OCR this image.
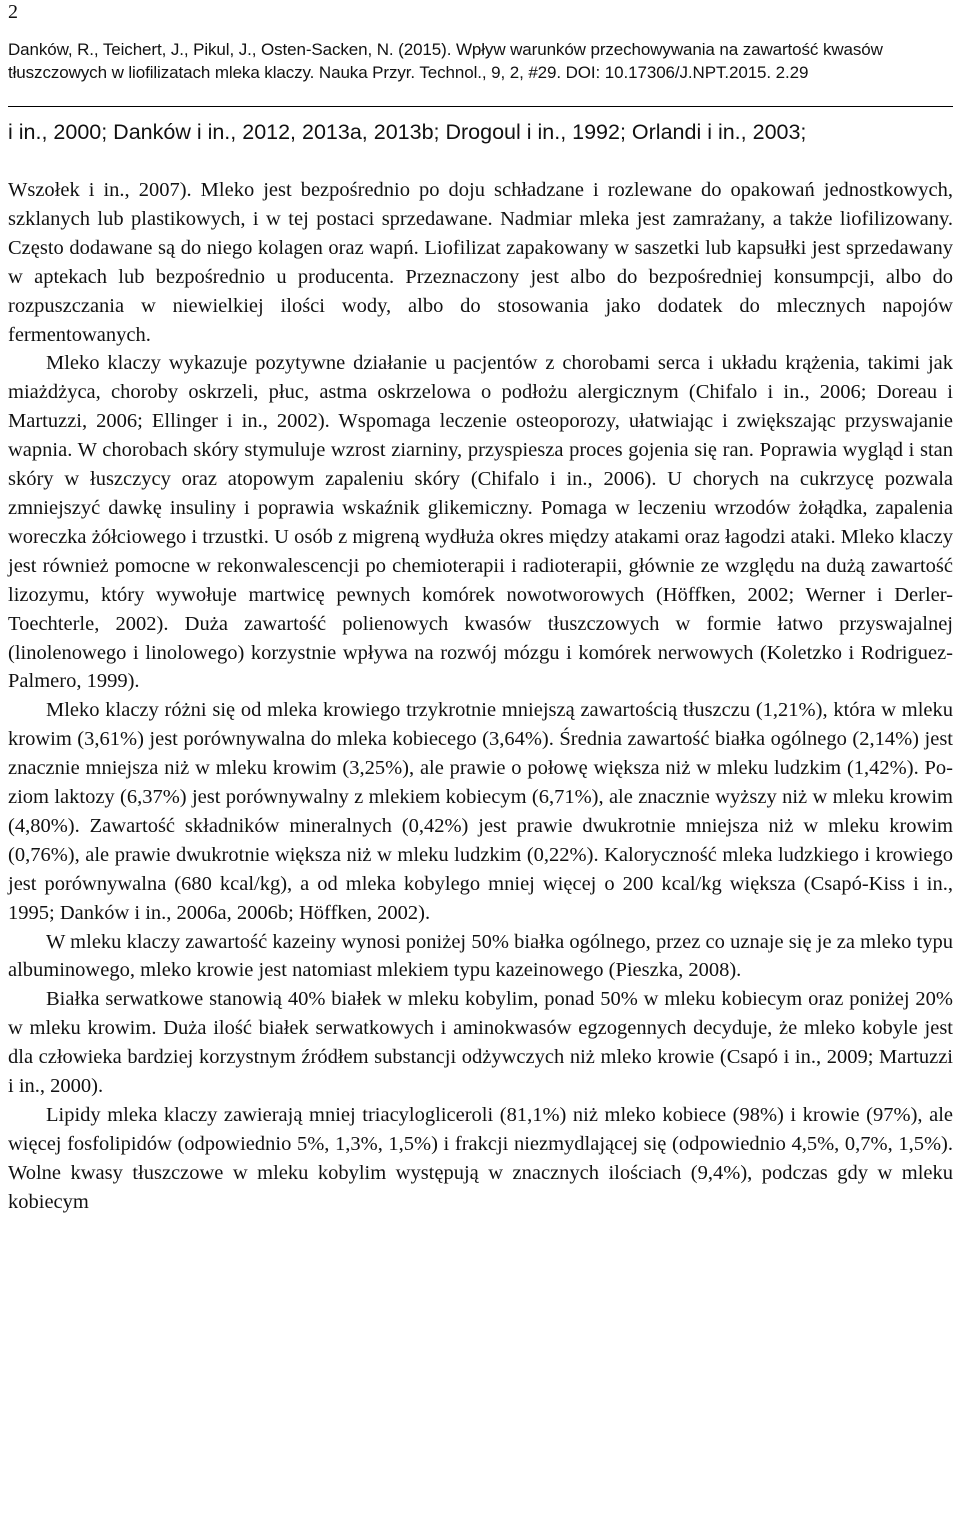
2
Danków, R., Teichert, J., Pikul, J., Osten-Sacken, N. (2015). Wpływ warunków przechowywania na zawartość kwasów tłuszczowych w liofilizatach mleka klaczy. Nauka Przyr. Technol., 9, 2, #29. DOI: 10.17306/J.NPT.2015. 2.29
i in., 2000; Danków i in., 2012, 2013a, 2013b; Drogoul i in., 1992; Orlandi i in., 2003;

Wszołek i in., 2007). Mleko jest bezpośrednio po doju schładzane i rozlewane do opakowań jednostkowych, szklanych lub plastikowych, i w tej postaci sprzedawane. Nadmiar mleka jest zamrażany, a także liofilizowany. Często dodawane są do niego kolagen oraz wapń. Liofilizat zapakowany w saszetki lub kapsułki jest sprzedawany w aptekach lub bezpośrednio u producenta. Przeznaczony jest albo do bezpośredniej konsumpcji, albo do rozpuszczania w niewielkiej ilości wody, albo do stosowania jako dodatek do mlecznych napojów fermentowanych.

Mleko klaczy wykazuje pozytywne działanie u pacjentów z chorobami serca i układu krążenia, takimi jak miażdżyca, choroby oskrzeli, płuc, astma oskrzelowa o podłożu alergicznym (Chifalo i in., 2006; Doreau i Martuzzi, 2006; Ellinger i in., 2002). Wspomaga leczenie osteoporozy, ułatwiając i zwiększając przyswajanie wapnia. W chorobach skóry stymuluje wzrost ziarniny, przyspiesza proces gojenia się ran. Poprawia wygląd i stan skóry w łuszczycy oraz atopowym zapaleniu skóry (Chifalo i in., 2006). U chorych na cukrzycę pozwala zmniejszyć dawkę insuliny i poprawia wskaźnik glikemiczny. Pomaga w leczeniu wrzodów żołądka, zapalenia woreczka żółciowego i trzustki. U osób z migreną wydłuża okres między atakami oraz łagodzi ataki. Mleko klaczy jest również pomocne w rekonwalescencji po chemioterapii i radioterapii, głównie ze względu na dużą zawartość lizozymu, który wywołuje martwicę pewnych komórek nowotworowych (Höffken, 2002; Werner i Derler-Toechterle, 2002). Duża zawartość polienowych kwasów tłuszczowych w formie łatwo przyswajalnej (linolenowego i linolowego) korzystnie wpływa na rozwój mózgu i komórek nerwowych (Koletzko i Rodriguez-Palmero, 1999).

Mleko klaczy różni się od mleka krowiego trzykrotnie mniejszą zawartością tłuszczu (1,21%), która w mleku krowim (3,61%) jest porównywalna do mleka kobiecego (3,64%). Średnia zawartość białka ogólnego (2,14%) jest znacznie mniejsza niż w mleku krowim (3,25%), ale prawie o połowę większa niż w mleku ludzkim (1,42%). Poziom laktozy (6,37%) jest porównywalny z mlekiem kobiecym (6,71%), ale znacznie wyższy niż w mleku krowim (4,80%). Zawartość składników mineralnych (0,42%) jest prawie dwukrotnie mniejsza niż w mleku krowim (0,76%), ale prawie dwukrotnie większa niż w mleku ludzkim (0,22%). Kaloryczność mleka ludzkiego i krowiego jest porównywalna (680 kcal/kg), a od mleka kobylego mniej więcej o 200 kcal/kg większa (Csapó-Kiss i in., 1995; Danków i in., 2006a, 2006b; Höffken, 2002).

W mleku klaczy zawartość kazeiny wynosi poniżej 50% białka ogólnego, przez co uznaje się je za mleko typu albuminowego, mleko krowie jest natomiast mlekiem typu kazeinowego (Pieszka, 2008).

Białka serwatkowe stanowią 40% białek w mleku kobylim, ponad 50% w mleku kobiecym oraz poniżej 20% w mleku krowim. Duża ilość białek serwatkowych i aminokwasów egzogennych decyduje, że mleko kobyle jest dla człowieka bardziej korzystnym źródłem substancji odżywczych niż mleko krowie (Csapó i in., 2009; Martuzzi i in., 2000).

Lipidy mleka klaczy zawierają mniej triacylogliceroli (81,1%) niż mleko kobiece (98%) i krowie (97%), ale więcej fosfolipidów (odpowiednio 5%, 1,3%, 1,5%) i frakcji niezmydlającej się (odpowiednio 4,5%, 0,7%, 1,5%). Wolne kwasy tłuszczowe w mleku kobylim występują w znacznych ilościach (9,4%), podczas gdy w mleku kobiecym
